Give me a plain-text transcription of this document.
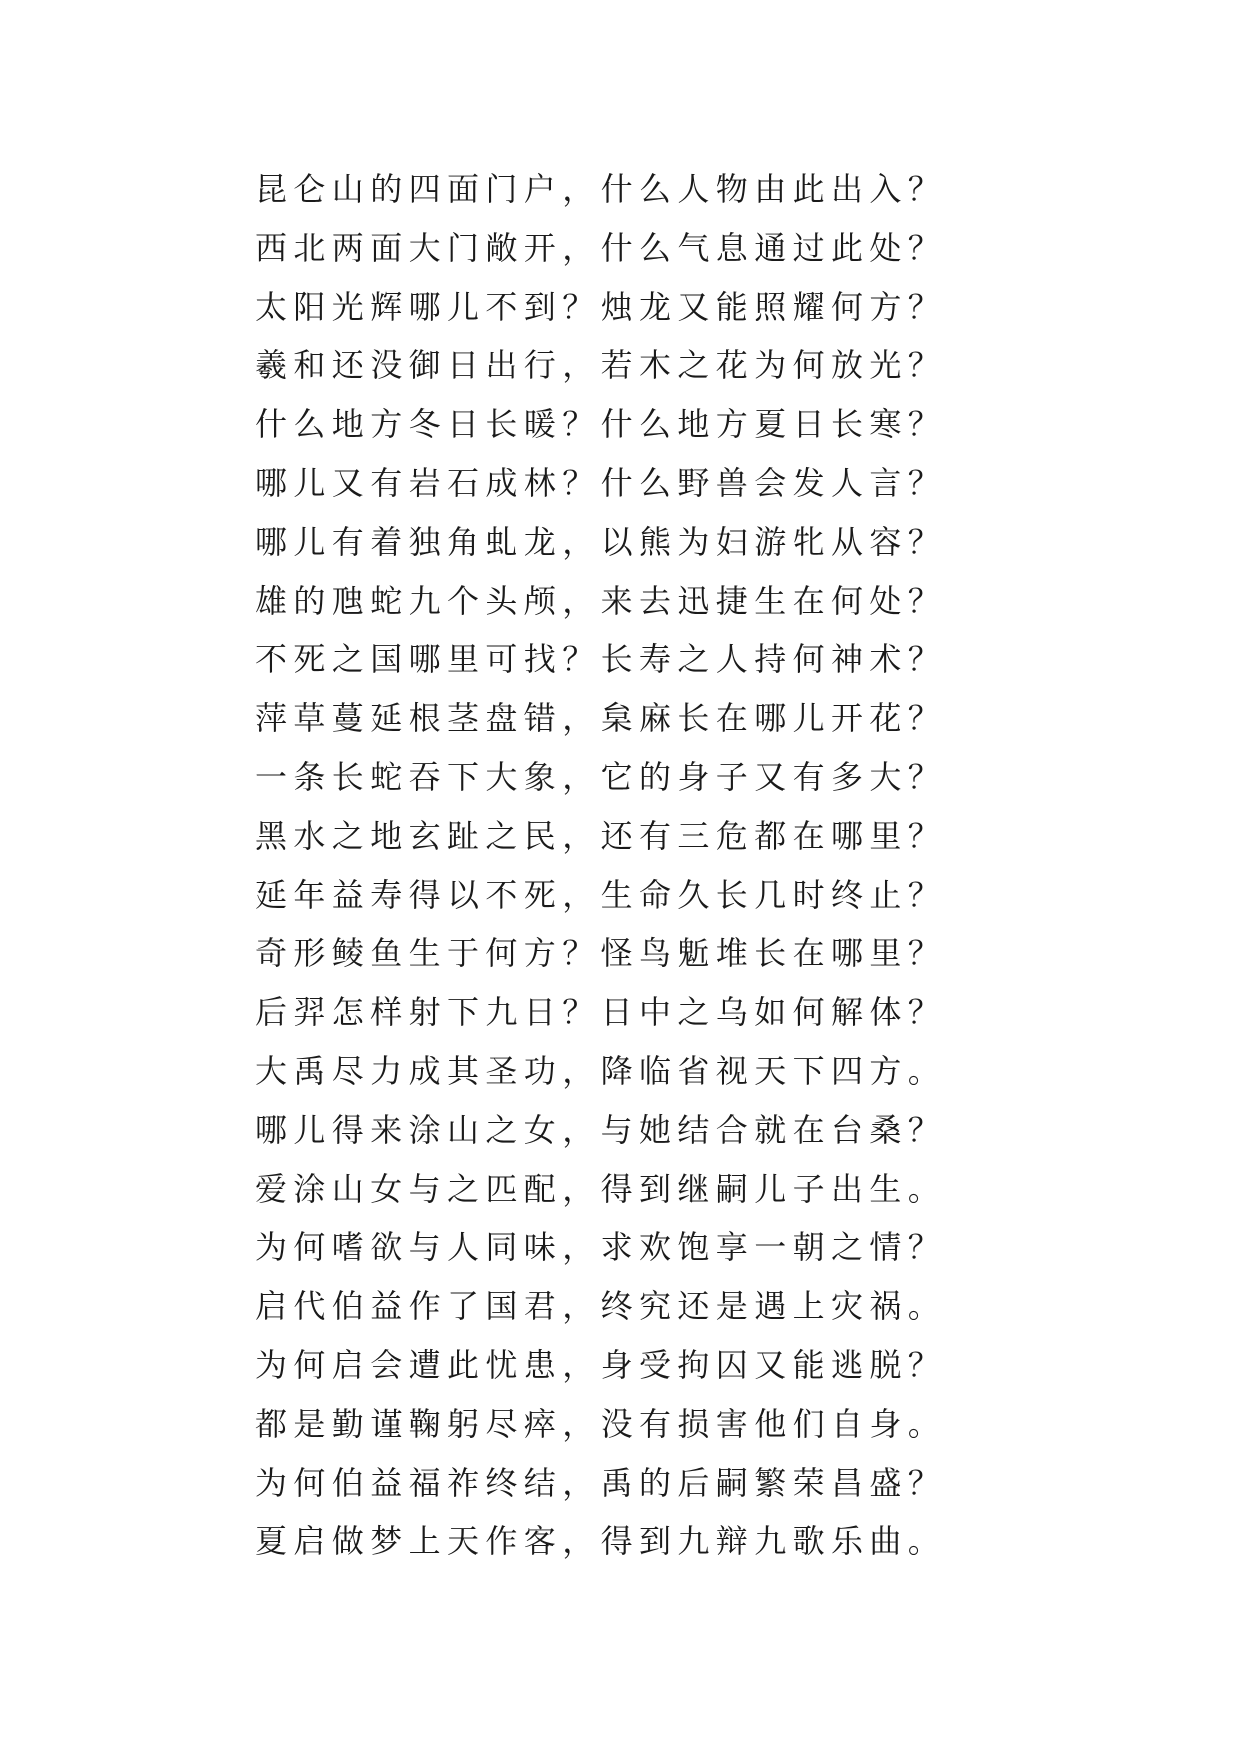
昆仑山的四面门户，什么人物由此出入？
西北两面大门敞开，什么气息通过此处？
太阳光辉哪儿不到？烛龙又能照耀何方？
羲和还没御日出行，若木之花为何放光？
什么地方冬日长暖？什么地方夏日长寒？
哪儿又有岩石成林？什么野兽会发人言？
哪儿有着独角虬龙，以熊为妇游牝从容？
雄的虺蛇九个头颅，来去迅捷生在何处？
不死之国哪里可找？长寿之人持何神术？
萍草蔓延根茎盘错，枲麻长在哪儿开花？
一条长蛇吞下大象，它的身子又有多大？
黑水之地玄趾之民，还有三危都在哪里？
延年益寿得以不死，生命久长几时终止？
奇形鲮鱼生于何方？怪鸟鬿堆长在哪里？
后羿怎样射下九日？日中之乌如何解体？
大禹尽力成其圣功，降临省视天下四方。
哪儿得来涂山之女，与她结合就在台桑？
爱涂山女与之匹配，得到继嗣儿子出生。
为何嗜欲与人同味，求欢饱享一朝之情？
启代伯益作了国君，终究还是遇上灾祸。
为何启会遭此忧患，身受拘囚又能逃脱？
都是勤谨鞠躬尽瘁，没有损害他们自身。
为何伯益福祚终结，禹的后嗣繁荣昌盛？
夏启做梦上天作客，得到九辩九歌乐曲。
